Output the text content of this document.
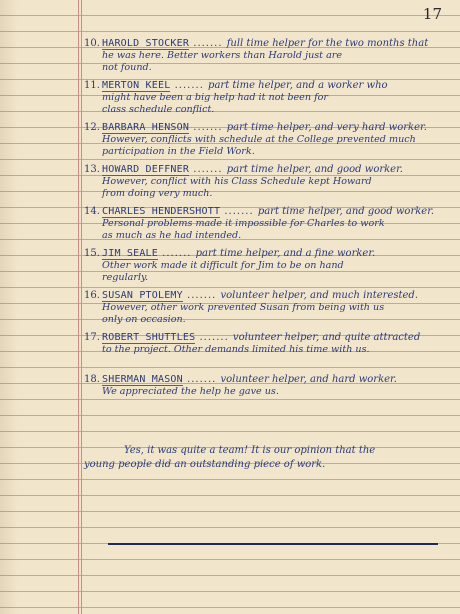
17
10. HAROLD STOCKER ....... full time helper for the two months that
he was here. Better workers than Harold just are
not found.
11. MERTON KEEL ....... part time helper, and a worker who
might have been a big help had it not been for
class schedule conflict.
12. BARBARA HENSON ....... part time helper, and very hard worker.
However, conflicts with schedule at the College prevented much
participation in the Field Work.
13. HOWARD DEFFNER ....... part time helper, and good worker.
However, conflict with his Class Schedule kept Howard
from doing very much.
14. CHARLES HENDERSHOTT ....... part time helper, and good worker.
Personal problems made it impossible for Charles to work
as much as he had intended.
15. JIM SEALE ....... part time helper, and a fine worker.
Other work made it difficult for Jim to be on hand
regularly.
16. SUSAN PTOLEMY ....... volunteer helper, and much interested.
However, other work prevented Susan from being with us
only on occasion.
17. ROBERT SHUTTLES ....... volunteer helper, and quite attracted
to the project. Other demands limited his time with us.
18. SHERMAN MASON ....... volunteer helper, and hard worker.
We appreciated the help he gave us.
Yes, it was quite a team! It is our opinion that the
young people did an outstanding piece of work.
